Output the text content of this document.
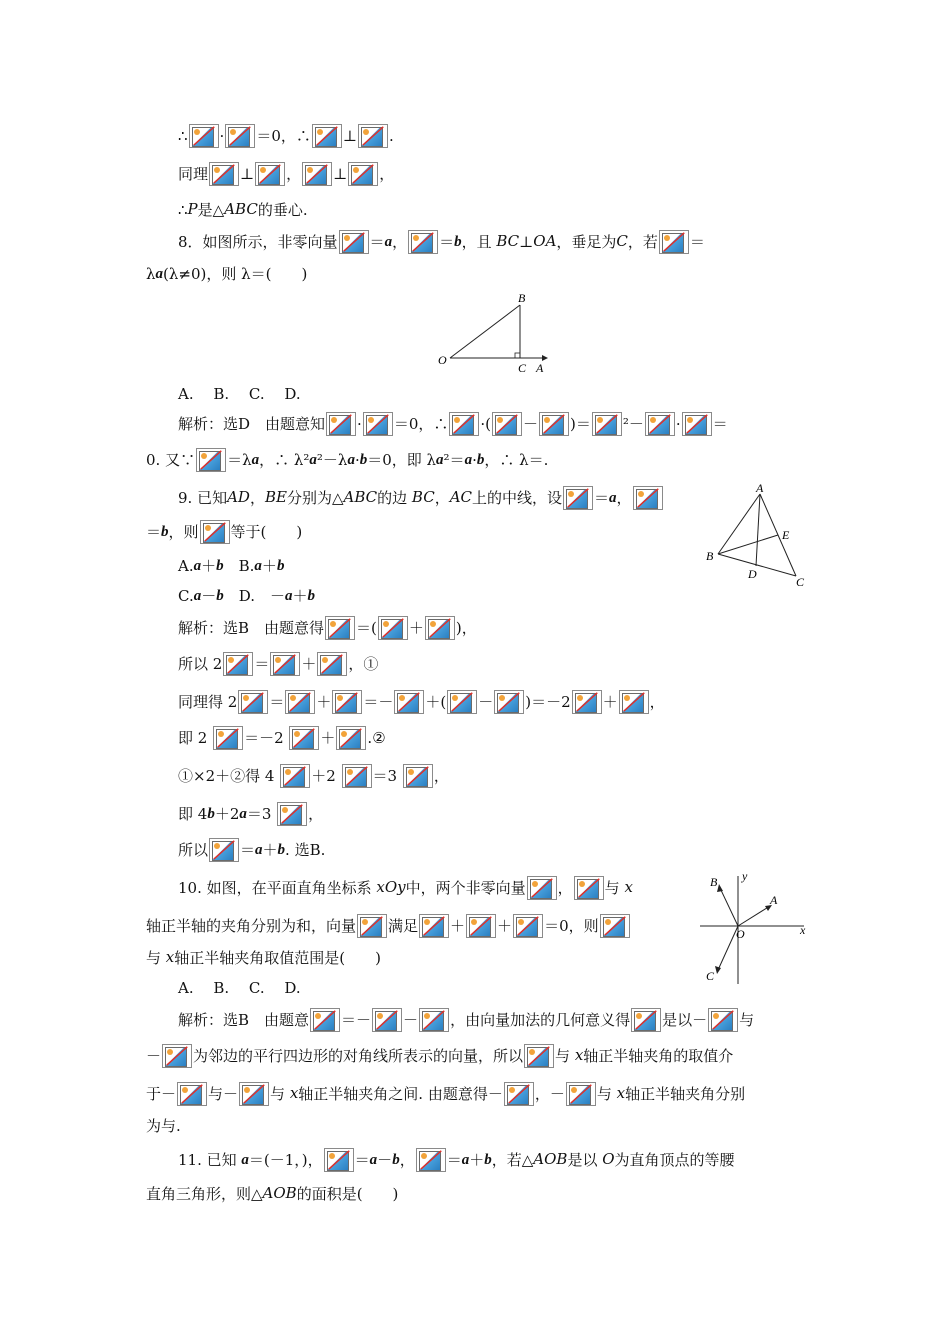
∴ · ＝0，∴ ⊥ .
同理 ⊥ ， ⊥ ，
∴P是△ABC的垂心.
8．如图所示，非零向量 ＝a， ＝b，且 BC⊥OA，垂足为C，若 ＝
λa(λ≠0)，则 λ＝(　　)
B
O
C A
A.　 B.　 C.　 D.
解析：选D　由题意知 · ＝0，∴ ·( － )＝ ²－ · ＝
0. 又∵ ＝λa，∴ λ²a²－λa·b＝0，即 λa²＝a·b，∴ λ＝.
9. 已知AD，BE分别为△ABC的边 BC，AC上的中线，设 ＝a，
＝b，则 等于(　　)
A.a＋b　B.a＋b
C.a－b　D.　－a＋b
A
E
B
D
C
解析：选B　由题意得 ＝( ＋ )，
所以 2 ＝ ＋ ，①
同理得 2 ＝ ＋ ＝－ ＋( － )＝－2 ＋ ，
即 2
＝－2
＋ .②
①×2＋②得 4
＋2
＝3
，
即 4b＋2a＝3
，
所以 ＝a＋b. 选B.
10. 如图，在平面直角坐标系 xOy中，两个非零向量 ， 与 x
轴正半轴的夹角分别为和，向量 满足 ＋ ＋ ＝0，则
与 x轴正半轴夹角取值范围是(　　)
B y
A
O	x
C
A.　 B.　 C.　 D.
解析：选B　由题意 ＝－ － ，由向量加法的几何意义得 是以－ 与
－ 为邻边的平行四边形的对角线所表示的向量，所以 与 x轴正半轴夹角的取值介
于－ 与－ 与 x轴正半轴夹角之间. 由题意得－ ，－ 与 x轴正半轴夹角分别
为与.
11. 已知 a＝(－1，)， ＝a－b， ＝a＋b，若△AOB是以 O为直角顶点的等腰
直角三角形，则△AOB的面积是(　　)
